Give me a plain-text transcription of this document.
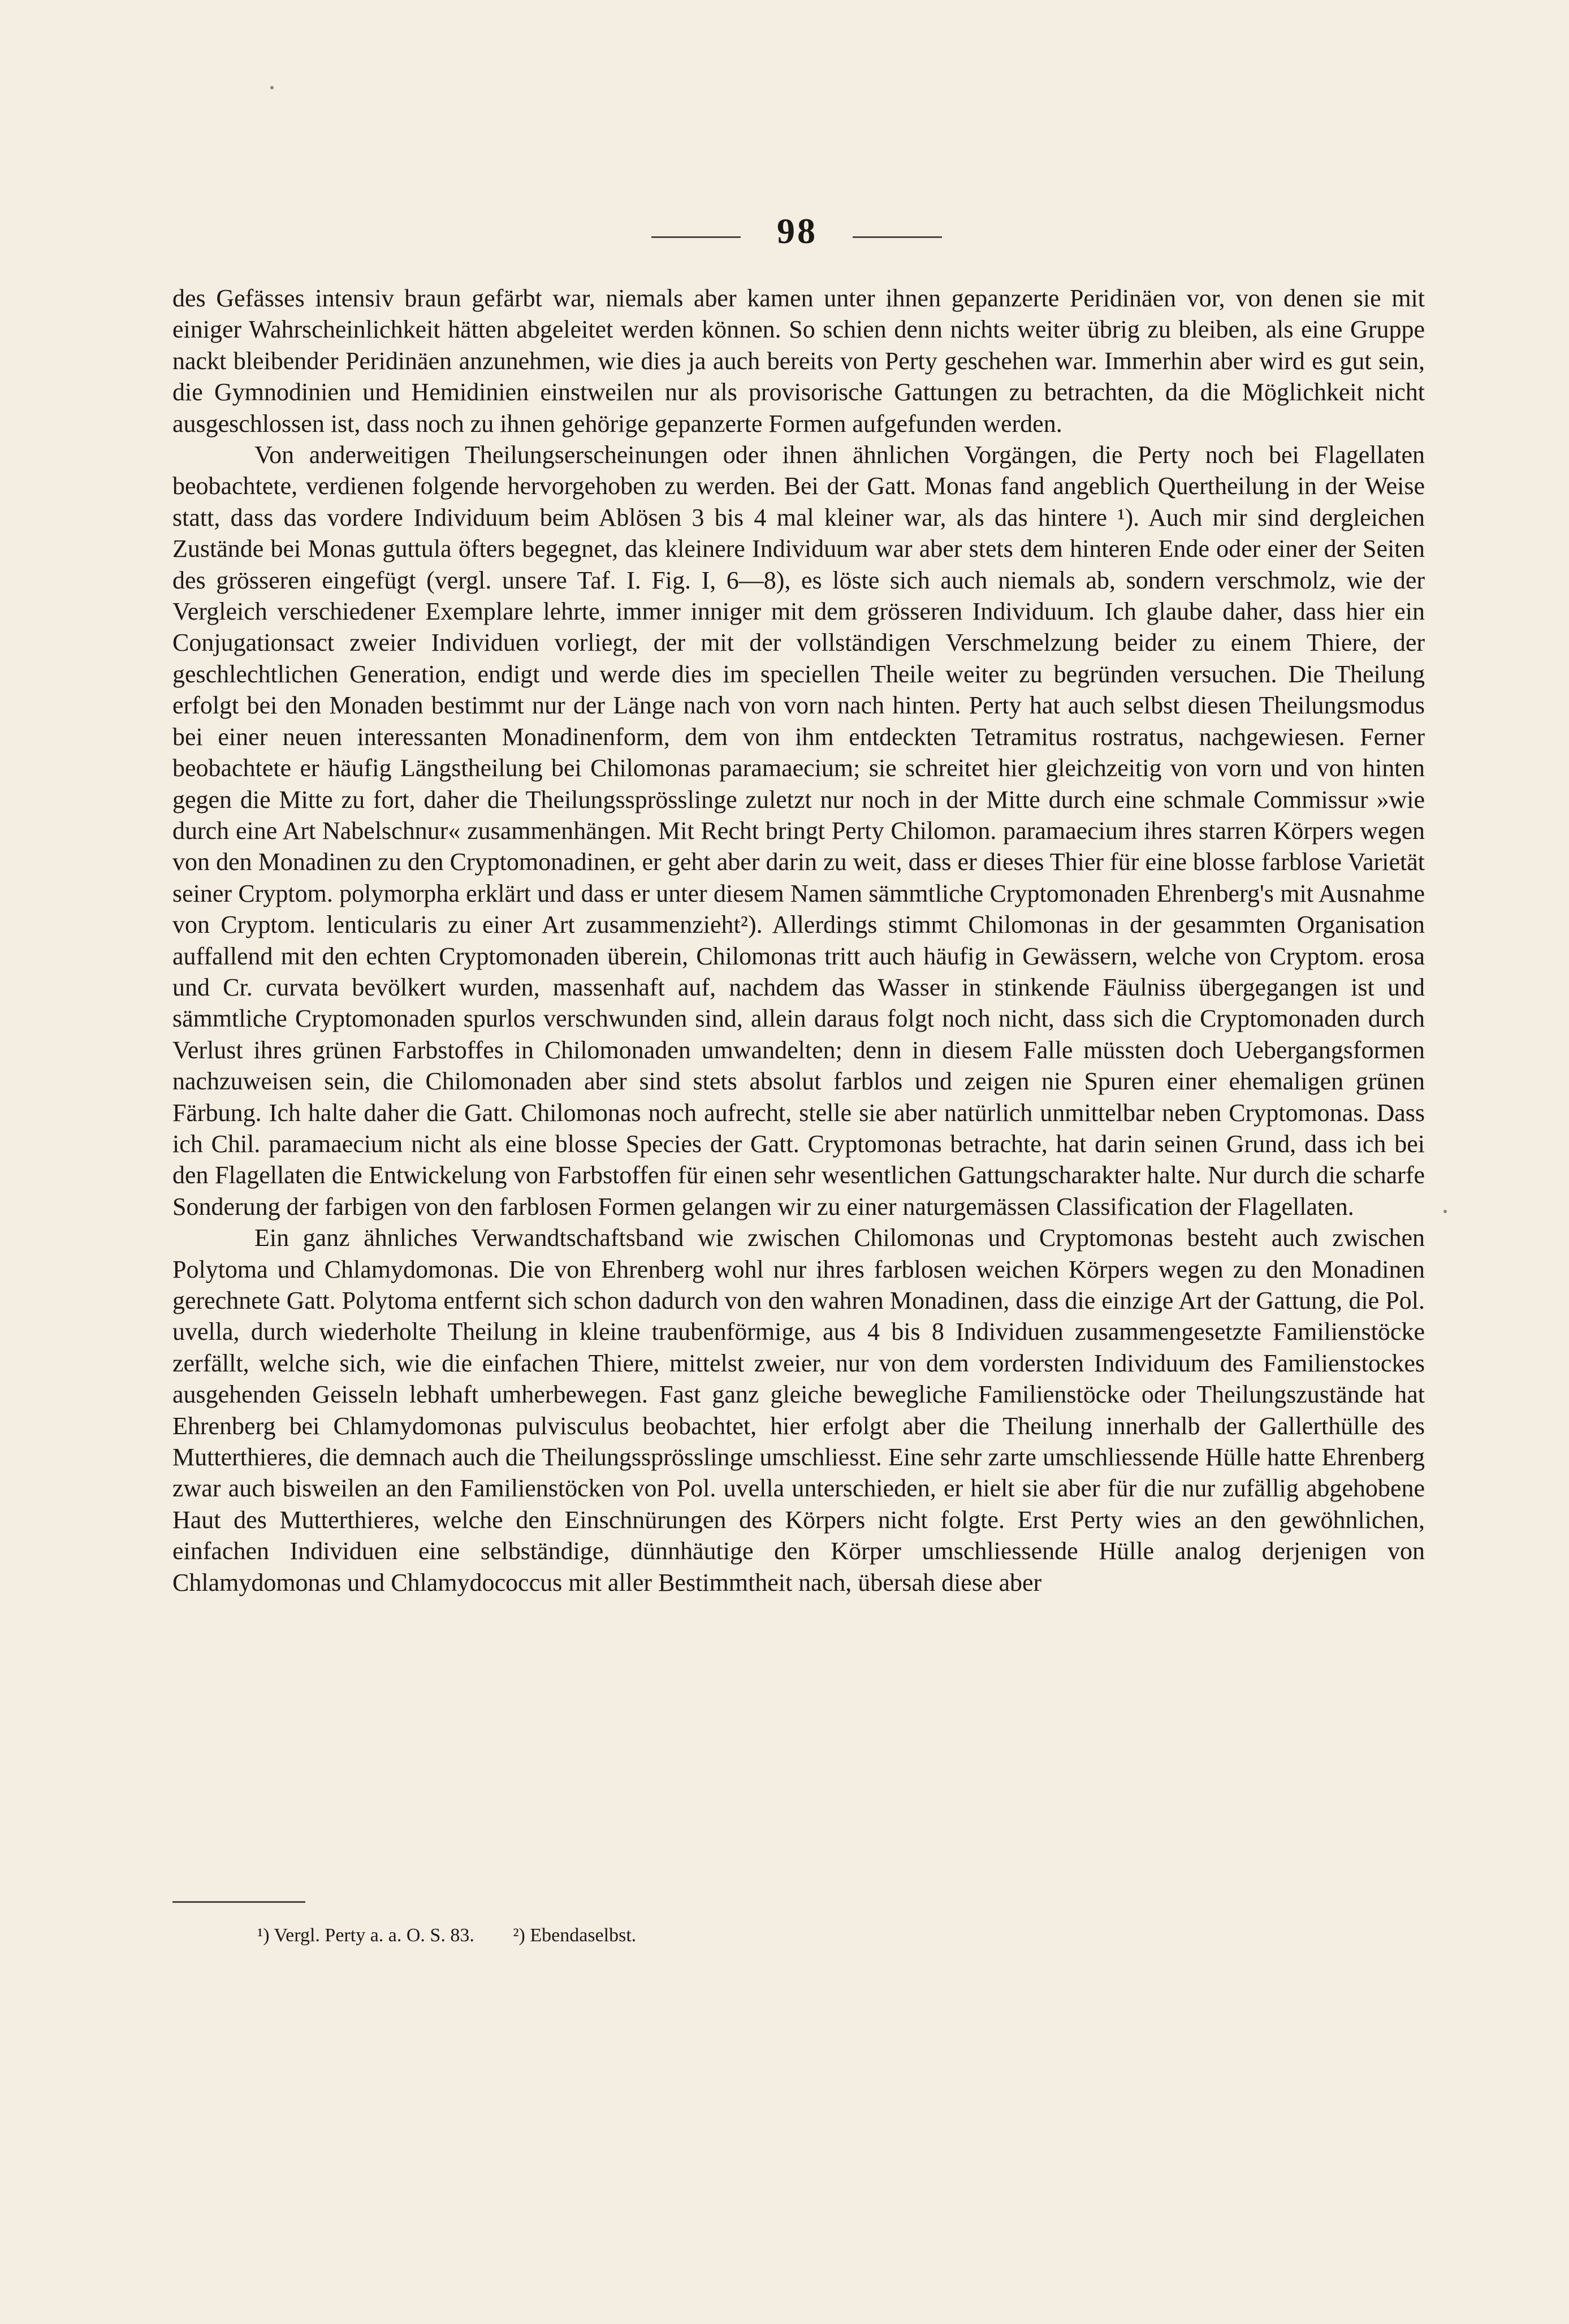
98

des Gefässes intensiv braun gefärbt war, niemals aber kamen unter ihnen gepanzerte Peridinäen vor, von denen sie mit einiger Wahrscheinlichkeit hätten abgeleitet werden können. So schien denn nichts weiter übrig zu bleiben, als eine Gruppe nackt bleibender Peridinäen anzunehmen, wie dies ja auch bereits von Perty geschehen war. Immerhin aber wird es gut sein, die Gymnodinien und Hemidinien einstweilen nur als provisorische Gattungen zu betrachten, da die Möglichkeit nicht ausgeschlossen ist, dass noch zu ihnen gehörige gepanzerte Formen aufgefunden werden.

Von anderweitigen Theilungserscheinungen oder ihnen ähnlichen Vorgängen, die Perty noch bei Flagellaten beobachtete, verdienen folgende hervorgehoben zu werden. Bei der Gatt. Monas fand angeblich Quertheilung in der Weise statt, dass das vordere Individuum beim Ablösen 3 bis 4 mal kleiner war, als das hintere ¹). Auch mir sind dergleichen Zustände bei Monas guttula öfters begegnet, das kleinere Individuum war aber stets dem hinteren Ende oder einer der Seiten des grösseren eingefügt (vergl. unsere Taf. I. Fig. I, 6—8), es löste sich auch niemals ab, sondern verschmolz, wie der Vergleich verschiedener Exemplare lehrte, immer inniger mit dem grösseren Individuum. Ich glaube daher, dass hier ein Conjugationsact zweier Individuen vorliegt, der mit der vollständigen Verschmelzung beider zu einem Thiere, der geschlechtlichen Generation, endigt und werde dies im speciellen Theile weiter zu begründen versuchen. Die Theilung erfolgt bei den Monaden bestimmt nur der Länge nach von vorn nach hinten. Perty hat auch selbst diesen Theilungsmodus bei einer neuen interessanten Monadinenform, dem von ihm entdeckten Tetramitus rostratus, nachgewiesen. Ferner beobachtete er häufig Längstheilung bei Chilomonas paramaecium; sie schreitet hier gleichzeitig von vorn und von hinten gegen die Mitte zu fort, daher die Theilungssprösslinge zuletzt nur noch in der Mitte durch eine schmale Commissur »wie durch eine Art Nabelschnur« zusammenhängen. Mit Recht bringt Perty Chilomon. paramaecium ihres starren Körpers wegen von den Monadinen zu den Cryptomonadinen, er geht aber darin zu weit, dass er dieses Thier für eine blosse farblose Varietät seiner Cryptom. polymorpha erklärt und dass er unter diesem Namen sämmtliche Cryptomonaden Ehrenberg's mit Ausnahme von Cryptom. lenticularis zu einer Art zusammenzieht²). Allerdings stimmt Chilomonas in der gesammten Organisation auffallend mit den echten Cryptomonaden überein, Chilomonas tritt auch häufig in Gewässern, welche von Cryptom. erosa und Cr. curvata bevölkert wurden, massenhaft auf, nachdem das Wasser in stinkende Fäulniss übergegangen ist und sämmtliche Cryptomonaden spurlos verschwunden sind, allein daraus folgt noch nicht, dass sich die Cryptomonaden durch Verlust ihres grünen Farbstoffes in Chilomonaden umwandelten; denn in diesem Falle müssten doch Uebergangsformen nachzuweisen sein, die Chilomonaden aber sind stets absolut farblos und zeigen nie Spuren einer ehemaligen grünen Färbung. Ich halte daher die Gatt. Chilomonas noch aufrecht, stelle sie aber natürlich unmittelbar neben Cryptomonas. Dass ich Chil. paramaecium nicht als eine blosse Species der Gatt. Cryptomonas betrachte, hat darin seinen Grund, dass ich bei den Flagellaten die Entwickelung von Farbstoffen für einen sehr wesentlichen Gattungscharakter halte. Nur durch die scharfe Sonderung der farbigen von den farblosen Formen gelangen wir zu einer naturgemässen Classification der Flagellaten.

Ein ganz ähnliches Verwandtschaftsband wie zwischen Chilomonas und Cryptomonas besteht auch zwischen Polytoma und Chlamydomonas. Die von Ehrenberg wohl nur ihres farblosen weichen Körpers wegen zu den Monadinen gerechnete Gatt. Polytoma entfernt sich schon dadurch von den wahren Monadinen, dass die einzige Art der Gattung, die Pol. uvella, durch wiederholte Theilung in kleine traubenförmige, aus 4 bis 8 Individuen zusammengesetzte Familienstöcke zerfällt, welche sich, wie die einfachen Thiere, mittelst zweier, nur von dem vordersten Individuum des Familienstockes ausgehenden Geisseln lebhaft umherbewegen. Fast ganz gleiche bewegliche Familienstöcke oder Theilungszustände hat Ehrenberg bei Chlamydomonas pulvisculus beobachtet, hier erfolgt aber die Theilung innerhalb der Gallerthülle des Mutterthieres, die demnach auch die Theilungssprösslinge umschliesst. Eine sehr zarte umschliessende Hülle hatte Ehrenberg zwar auch bisweilen an den Familienstöcken von Pol. uvella unterschieden, er hielt sie aber für die nur zufällig abgehobene Haut des Mutterthieres, welche den Einschnürungen des Körpers nicht folgte. Erst Perty wies an den gewöhnlichen, einfachen Individuen eine selbständige, dünnhäutige den Körper umschliessende Hülle analog derjenigen von Chlamydomonas und Chlamydococcus mit aller Bestimmtheit nach, übersah diese aber

¹) Vergl. Perty a. a. O. S. 83. ²) Ebendaselbst.
